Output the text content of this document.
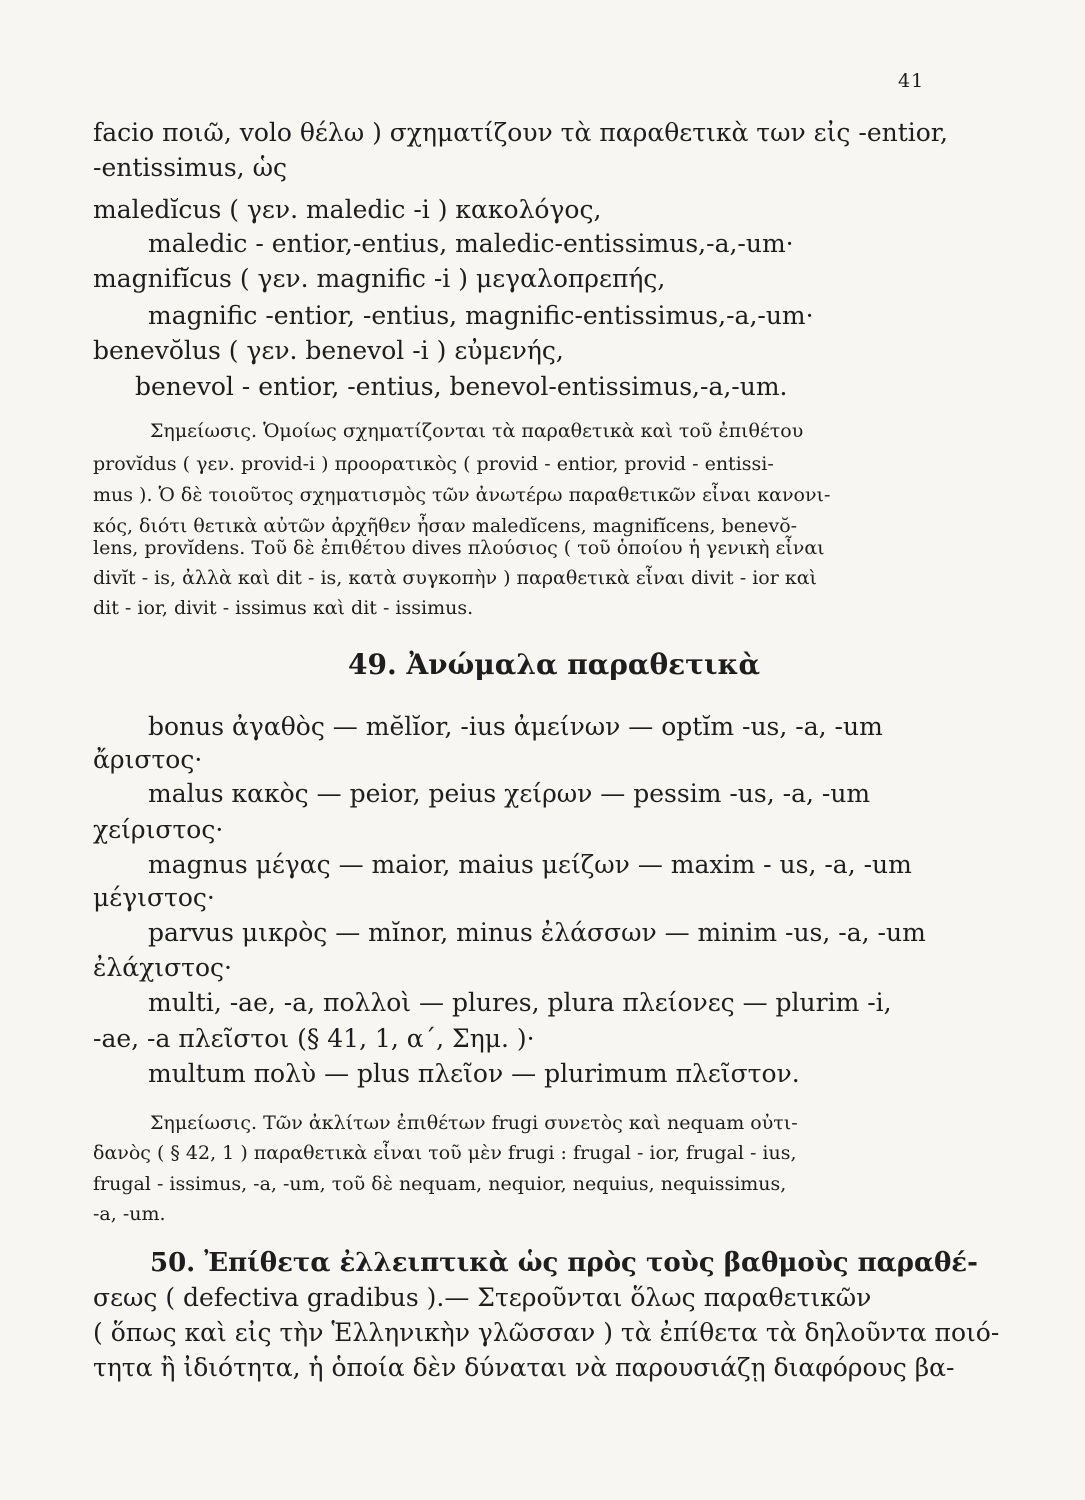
41
facio ποιῶ, volo θέλω ) σχηματίζουν τὰ παραθετικὰ των εἰς -entior,
-entissimus, ὡς
maledĭcus ( γεν. maledic -i ) κακολόγος,
maledic - entior,-entius, maledic-entissimus,-a,-um·
magnifĭcus ( γεν. magnific -i ) μεγαλοπρεπής,
magnific -entior, -entius, magnific-entissimus,-a,-um·
benevŏlus ( γεν. benevol -i ) εὐμενής,
benevol - entior, -entius, benevol-entissimus,-a,-um.
Σημείωσις. Ὁμοίως σχηματίζονται τὰ παραθετικὰ καὶ τοῦ ἐπιθέτου
provĭdus ( γεν. provid-i ) προορατικὸς ( provid - entior, provid - entissi-
mus ). Ὁ δὲ τοιοῦτος σχηματισμὸς τῶν ἀνωτέρω παραθετικῶν εἶναι κανονι-
κός, διότι θετικὰ αὐτῶν ἀρχῆθεν ἦσαν maledĭcens, magnifĭcens, benevŏ-
lens, provĭdens. Τοῦ δὲ ἐπιθέτου dives πλούσιος ( τοῦ ὁποίου ἡ γενικὴ εἶναι
divĭt - is, ἀλλὰ καὶ dit - is, κατὰ συγκοπὴν ) παραθετικὰ εἶναι divit - ior καὶ
dit - ior, divit - issimus καὶ dit - issimus.
49. Ἀνώμαλα παραθετικὰ
bonus ἀγαθὸς — mĕlĭor, -ius ἀμείνων — optĭm -us, -a, -um
ἄριστος·
malus κακὸς — peior, peius χείρων — pessim -us, -a, -um
χείριστος·
magnus μέγας — maior, maius μείζων — maxim - us, -a, -um
μέγιστος·
parvus μικρὸς — mĭnor, minus ἐλάσσων — minim -us, -a, -um
ἐλάχιστος·
multi, -ae, -a, πολλοὶ — plures, plura πλείονες — plurim -i,
-ae, -a πλεῖστοι (§ 41, 1, α΄, Σημ. )·
multum πολὺ — plus πλεῖον — plurimum πλεῖστον.
Σημείωσις. Τῶν ἀκλίτων ἐπιθέτων frugi συνετὸς καὶ nequam οὐτι-
δανὸς ( § 42, 1 ) παραθετικὰ εἶναι τοῦ μὲν frugi : frugal - ior, frugal - ius,
frugal - issimus, -a, -um, τοῦ δὲ nequam, nequior, nequius, nequissimus,
-a, -um.
50. Ἐπίθετα ἐλλειπτικὰ ὡς πρὸς τοὺς βαθμοὺς παραθέ-
σεως ( defectiva gradibus ).— Στεροῦνται ὅλως παραθετικῶν
( ὅπως καὶ εἰς τὴν Ἑλληνικὴν γλῶσσαν ) τὰ ἐπίθετα τὰ δηλοῦντα ποιό-
τητα ἢ ἰδιότητα, ἡ ὁποία δὲν δύναται νὰ παρουσιάζῃ διαφόρους βα-
